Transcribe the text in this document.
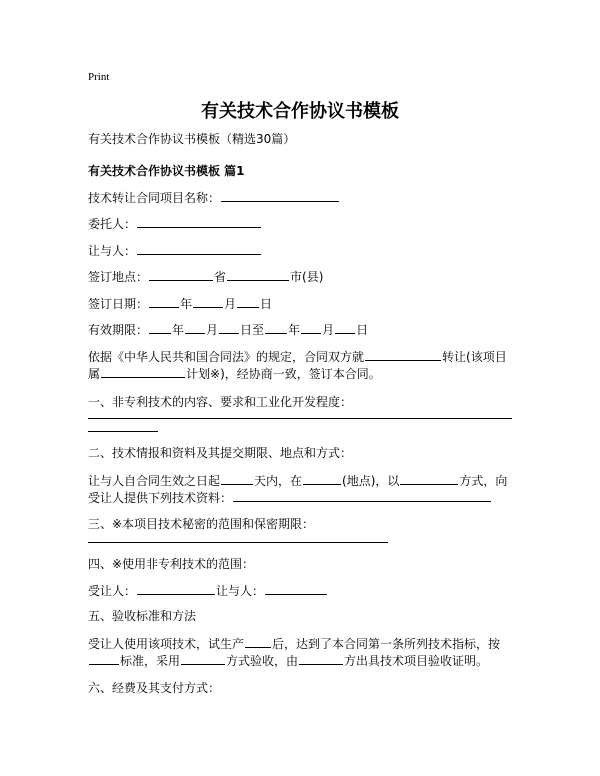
Print
有关技术合作协议书模板
有关技术合作协议书模板（精选30篇）
有关技术合作协议书模板 篇1
技术转让合同项目名称：
委托人：
让与人：
签订地点：	省	市(县)
签订日期：	年	月 日
有效期限： 年 月 日至 年 月 日
依据《中华人民共和国合同法》的规定，合同双方就	转让(该项目
属	计划※)，经协商一致，签订本合同。
一、非专利技术的内容、要求和工业化开发程度：
二、技术情报和资料及其提交期限、地点和方式：
让与人自合同生效之日起	天内，在	(地点)，以	方式，向
受让人提供下列技术资料：
三、※本项目技术秘密的范围和保密期限：
四、※使用非专利技术的范围：
受让人：	让与人：
五、验收标准和方法
受让人使用该项技术，试生产 后，达到了本合同第一条所列技术指标，按
标准，采用	方式验收，由	方出具技术项目验收证明。
六、经费及其支付方式：
